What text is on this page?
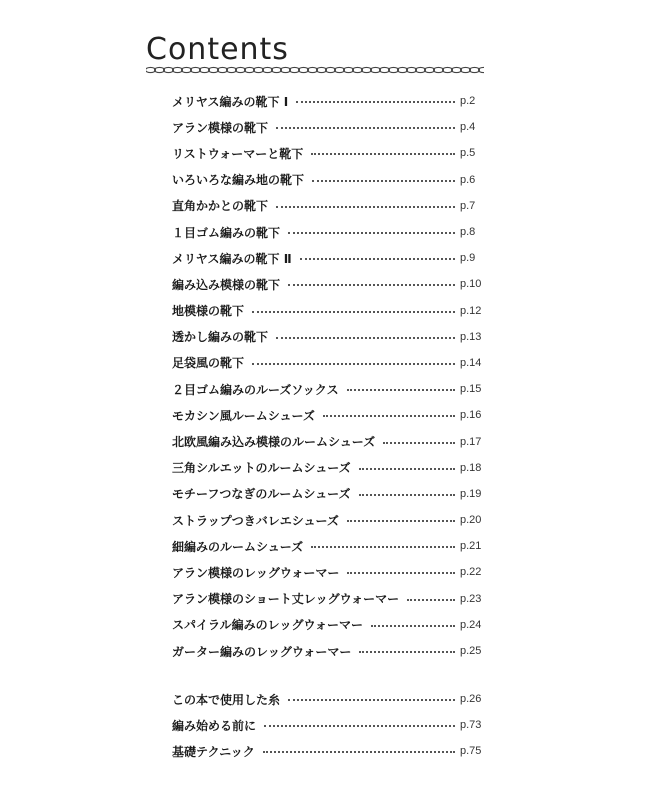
Contents
メリヤス編みの靴下 Ⅰ	p.2
アラン模様の靴下	p.4
リストウォーマーと靴下	p.5
いろいろな編み地の靴下	p.6
直角かかとの靴下	p.7
１目ゴム編みの靴下	p.8
メリヤス編みの靴下 Ⅱ	p.9
編み込み模様の靴下	p.10
地模様の靴下	p.12
透かし編みの靴下	p.13
足袋風の靴下	p.14
２目ゴム編みのルーズソックス	p.15
モカシン風ルームシューズ	p.16
北欧風編み込み模様のルームシューズ	p.17
三角シルエットのルームシューズ	p.18
モチーフつなぎのルームシューズ	p.19
ストラップつきバレエシューズ	p.20
細編みのルームシューズ	p.21
アラン模様のレッグウォーマー	p.22
アラン模様のショート丈レッグウォーマー	p.23
スパイラル編みのレッグウォーマー	p.24
ガーター編みのレッグウォーマー	p.25
この本で使用した糸	p.26
編み始める前に	p.73
基礎テクニック	p.75
